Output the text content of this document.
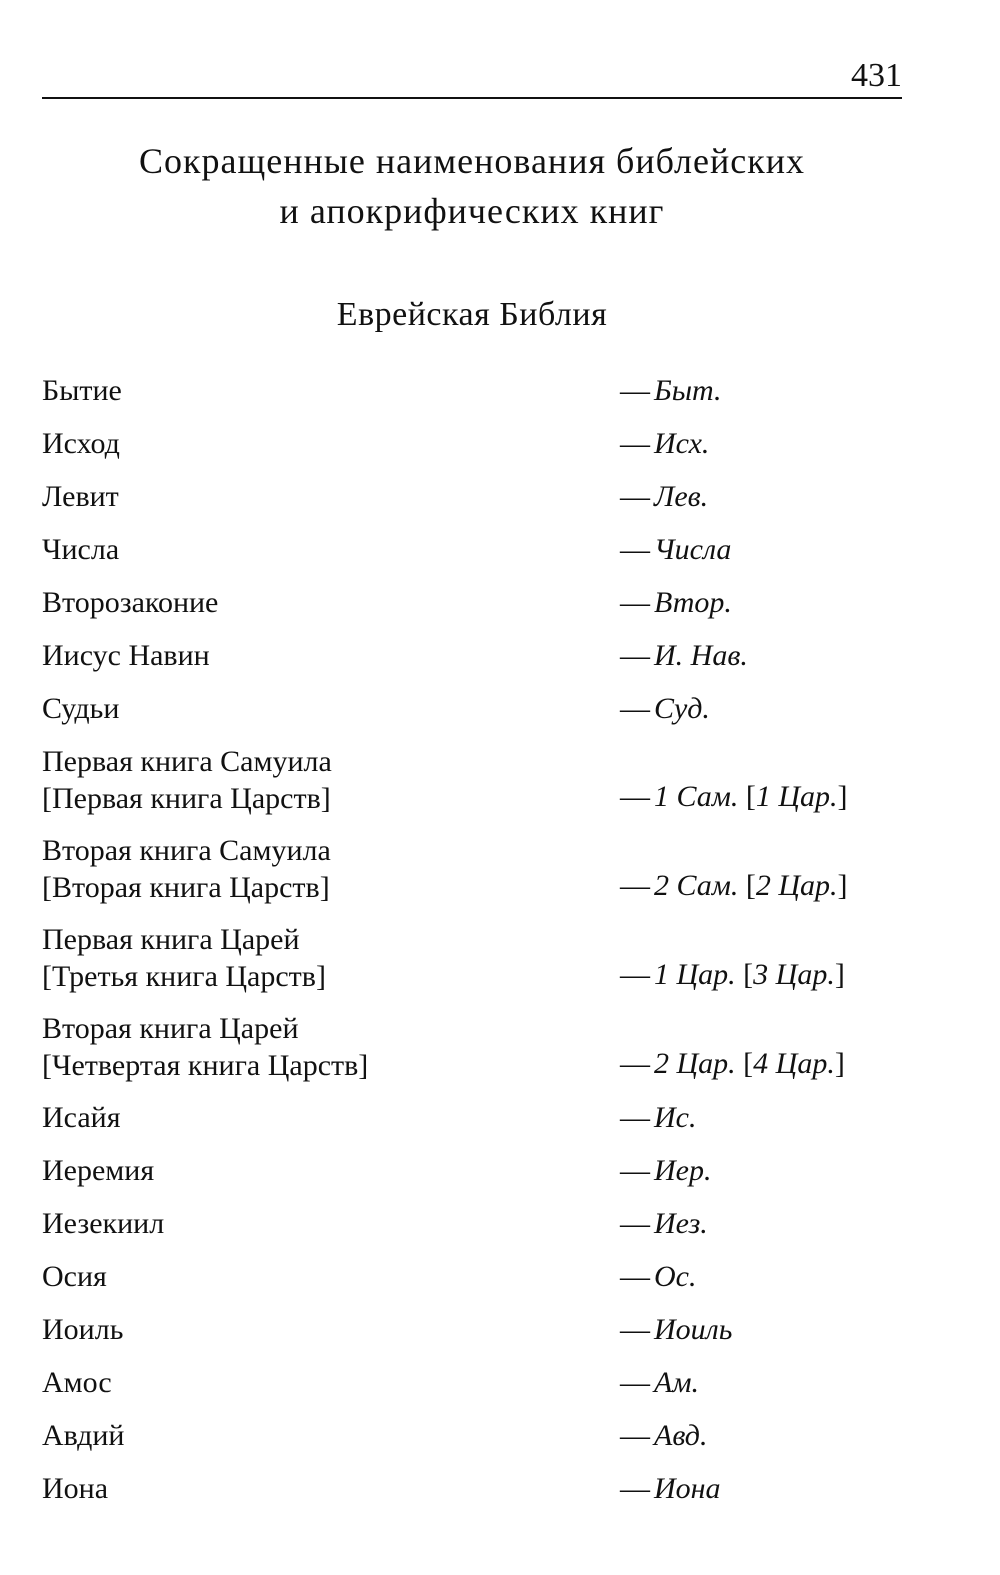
431
Сокращенные наименования библейских
и апокрифических книг
Еврейская Библия
Бытие	— Быт.
Исход	— Исх.
Левит	— Лев.
Числа	— Числа
Второзаконие	— Втор.
Иисус Навин	— И. Нав.
Судьи	— Суд.
Первая книга Самуила
[Первая книга Царств]	— 1 Сам. [1 Цар.]
Вторая книга Самуила
[Вторая книга Царств]	— 2 Сам. [2 Цар.]
Первая книга Царей
[Третья книга Царств]	— 1 Цар. [3 Цар.]
Вторая книга Царей
[Четвертая книга Царств]	— 2 Цар. [4 Цар.]
Исайя	— Ис.
Иеремия	— Иер.
Иезекиил	— Иез.
Осия	— Ос.
Иоиль	— Иоиль
Амос	— Ам.
Авдий	— Авд.
Иона	— Иона
